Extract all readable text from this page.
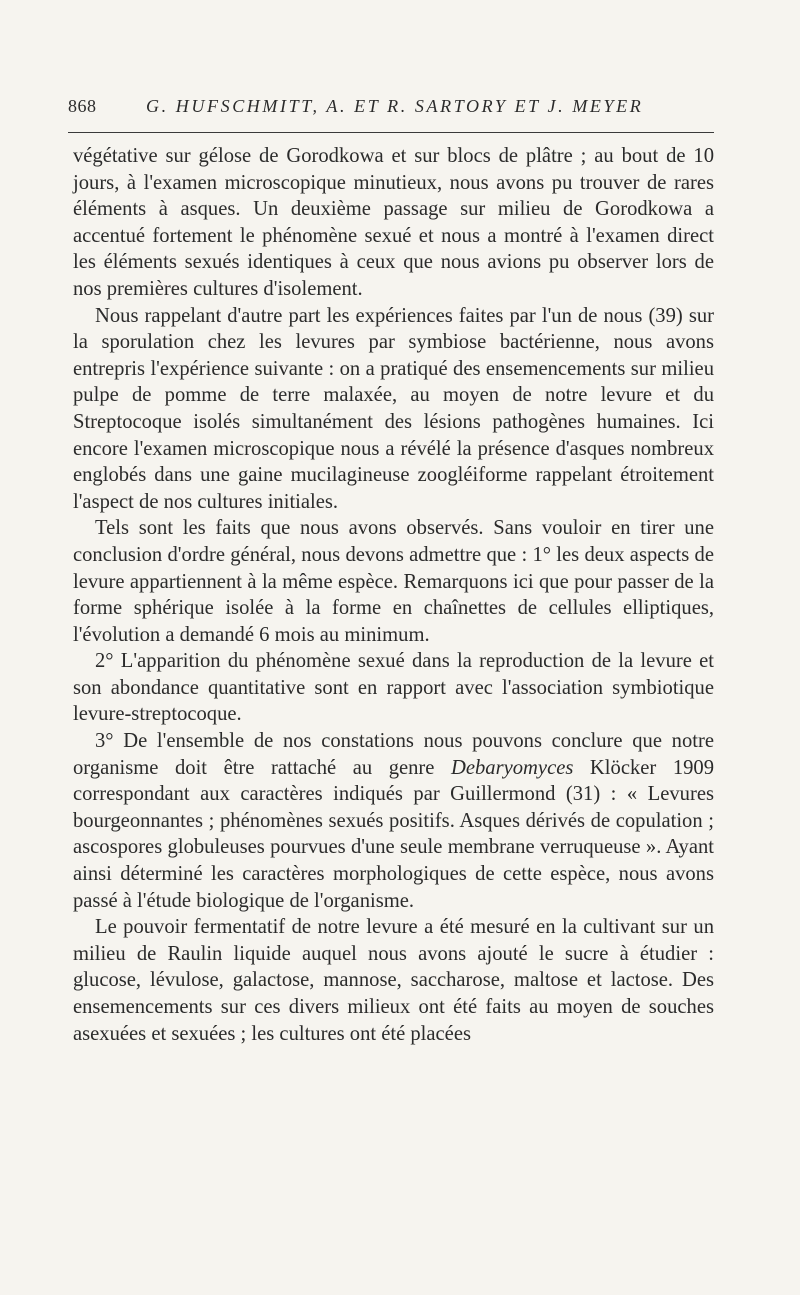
868	G. HUFSCHMITT, A. ET R. SARTORY ET J. MEYER

végétative sur gélose de Gorodkowa et sur blocs de plâtre ; au bout de 10 jours, à l'examen microscopique minutieux, nous avons pu trouver de rares éléments à asques. Un deuxième passage sur milieu de Gorodkowa a accentué fortement le phénomène sexué et nous a montré à l'examen direct les éléments sexués identiques à ceux que nous avions pu observer lors de nos premières cultures d'isolement.

Nous rappelant d'autre part les expériences faites par l'un de nous (39) sur la sporulation chez les levures par symbiose bactérienne, nous avons entrepris l'expérience suivante : on a pratiqué des ensemencements sur milieu pulpe de pomme de terre malaxée, au moyen de notre levure et du Streptocoque isolés simultanément des lésions pathogènes humaines. Ici encore l'examen microscopique nous a révélé la présence d'asques nombreux englobés dans une gaine mucilagineuse zoogléiforme rappelant étroitement l'aspect de nos cultures initiales.

Tels sont les faits que nous avons observés. Sans vouloir en tirer une conclusion d'ordre général, nous devons admettre que : 1° les deux aspects de levure appartiennent à la même espèce. Remarquons ici que pour passer de la forme sphérique isolée à la forme en chaînettes de cellules elliptiques, l'évolution a demandé 6 mois au minimum.

2° L'apparition du phénomène sexué dans la reproduction de la levure et son abondance quantitative sont en rapport avec l'association symbiotique levure-streptocoque.

3° De l'ensemble de nos constations nous pouvons conclure que notre organisme doit être rattaché au genre Debaryomyces Klöcker 1909 correspondant aux caractères indiqués par Guillermond (31) : « Levures bourgeonnantes ; phénomènes sexués positifs. Asques dérivés de copulation ; ascospores globuleuses pourvues d'une seule membrane verruqueuse ». Ayant ainsi déterminé les caractères morphologiques de cette espèce, nous avons passé à l'étude biologique de l'organisme.

Le pouvoir fermentatif de notre levure a été mesuré en la cultivant sur un milieu de Raulin liquide auquel nous avons ajouté le sucre à étudier : glucose, lévulose, galactose, mannose, saccharose, maltose et lactose. Des ensemencements sur ces divers milieux ont été faits au moyen de souches asexuées et sexuées ; les cultures ont été placées
